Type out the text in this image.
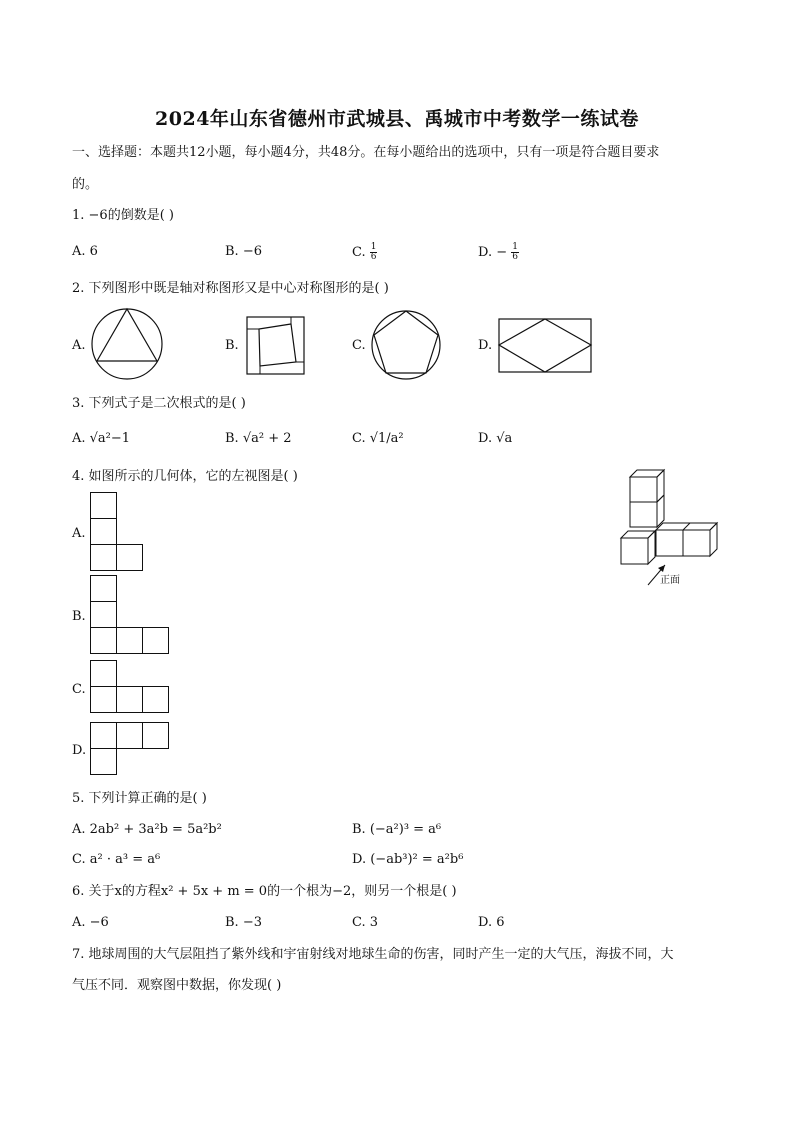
2024年山东省德州市武城县、禹城市中考数学一练试卷
一、选择题：本题共12小题，每小题4分，共48分。在每小题给出的选项中，只有一项是符合题目要求
的。
1. −6的倒数是( )
A. 6	B. −6	C. $\frac{1}{6}$	D. − $\frac{1}{6}$
2. 下列图形中既是轴对称图形又是中心对称图形的是( )
A.	B.	C.	D.
3. 下列式子是二次根式的是( )
A. √a²−1	B. √a² + 2	C. √1/a²	D. √a
4. 如图所示的几何体，它的左视图是( )
A.
B.
C.
D.
正面
5. 下列计算正确的是( )
A. 2ab² + 3a²b = 5a²b²	B. (−a²)³ = a⁶
C. a² · a³ = a⁶	D. (−ab³)² = a²b⁶
6. 关于x的方程x² + 5x + m = 0的一个根为−2，则另一个根是( )
A. −6	B. −3	C. 3	D. 6
7. 地球周围的大气层阻挡了紫外线和宇宙射线对地球生命的伤害，同时产生一定的大气压，海拔不同，大
气压不同．观察图中数据，你发现( )
